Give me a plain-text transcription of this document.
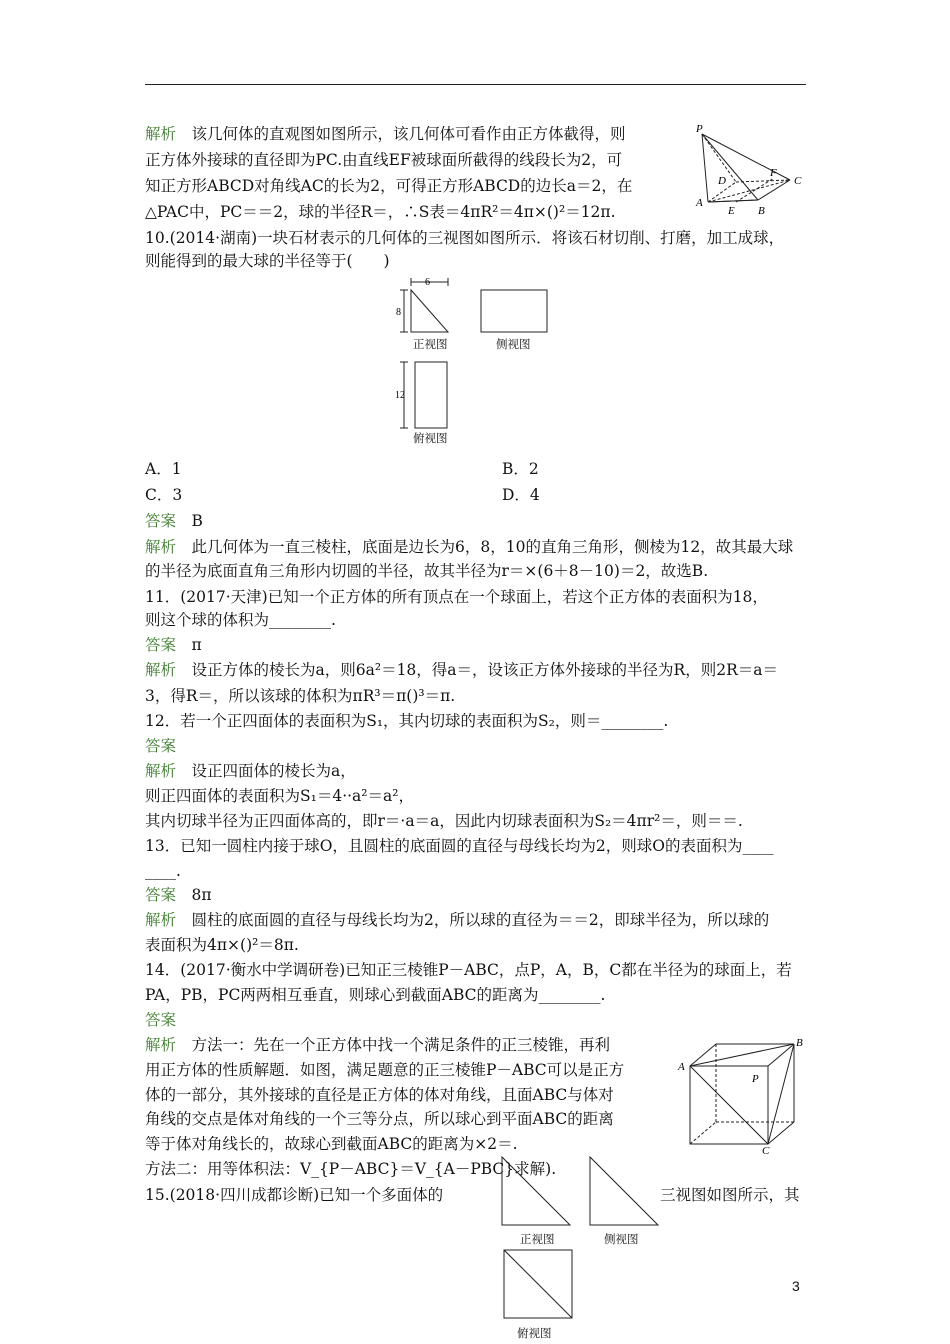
解析　该几何体的直观图如图所示，该几何体可看作由正方体截得，则
正方体外接球的直径即为PC.由直线EF被球面所截得的线段长为2，可
知正方形ABCD对角线AC的长为2，可得正方形ABCD的边长a＝2，在
△PAC中，PC＝＝2，球的半径R＝，∴S表＝4πR²＝4π×()²＝12π.
10.(2014·湖南)一块石材表示的几何体的三视图如图所示．将该石材切削、打磨，加工成球，
则能得到的最大球的半径等于(　　)
A．1	B．2
C．3	D．4
答案　B
解析　此几何体为一直三棱柱，底面是边长为6，8，10的直角三角形，侧棱为12，故其最大球
的半径为底面直角三角形内切圆的半径，故其半径为r＝×(6＋8－10)＝2，故选B.
11．(2017·天津)已知一个正方体的所有顶点在一个球面上，若这个正方体的表面积为18，
则这个球的体积为________.
答案　π
解析　设正方体的棱长为a，则6a²＝18，得a＝，设该正方体外接球的半径为R，则2R＝a＝
3，得R＝，所以该球的体积为πR³＝π()³＝π.
12．若一个正四面体的表面积为S₁，其内切球的表面积为S₂，则＝________.
答案
解析　设正四面体的棱长为a，
则正四面体的表面积为S₁＝4··a²＝a²，
其内切球半径为正四面体高的，即r＝·a＝a，因此内切球表面积为S₂＝4πr²＝，则＝＝.
13．已知一圆柱内接于球O，且圆柱的底面圆的直径与母线长均为2，则球O的表面积为____
____.
答案　8π
解析　圆柱的底面圆的直径与母线长均为2，所以球的直径为＝＝2，即球半径为，所以球的
表面积为4π×()²＝8π.
14．(2017·衡水中学调研卷)已知正三棱锥P－ABC，点P，A，B，C都在半径为的球面上，若
PA，PB，PC两两相互垂直，则球心到截面ABC的距离为________.
答案
解析　方法一：先在一个正方体中找一个满足条件的正三棱锥，再利
用正方体的性质解题．如图，满足题意的正三棱锥P－ABC可以是正方
体的一部分，其外接球的直径是正方体的体对角线，且面ABC与体对
角线的交点是体对角线的一个三等分点，所以球心到平面ABC的距离
等于体对角线长的，故球心到截面ABC的距离为×2＝.
方法二：用等体积法：V_{P－ABC}＝V_{A－PBC}求解).
15.(2018·四川成都诊断)已知一个多面体的	三视图如图所示，其
P
A
B
C
D
E
F
6
8
12
正视图	侧视图
俯视图
A
B
C
P
正视图	侧视图
俯视图
3
